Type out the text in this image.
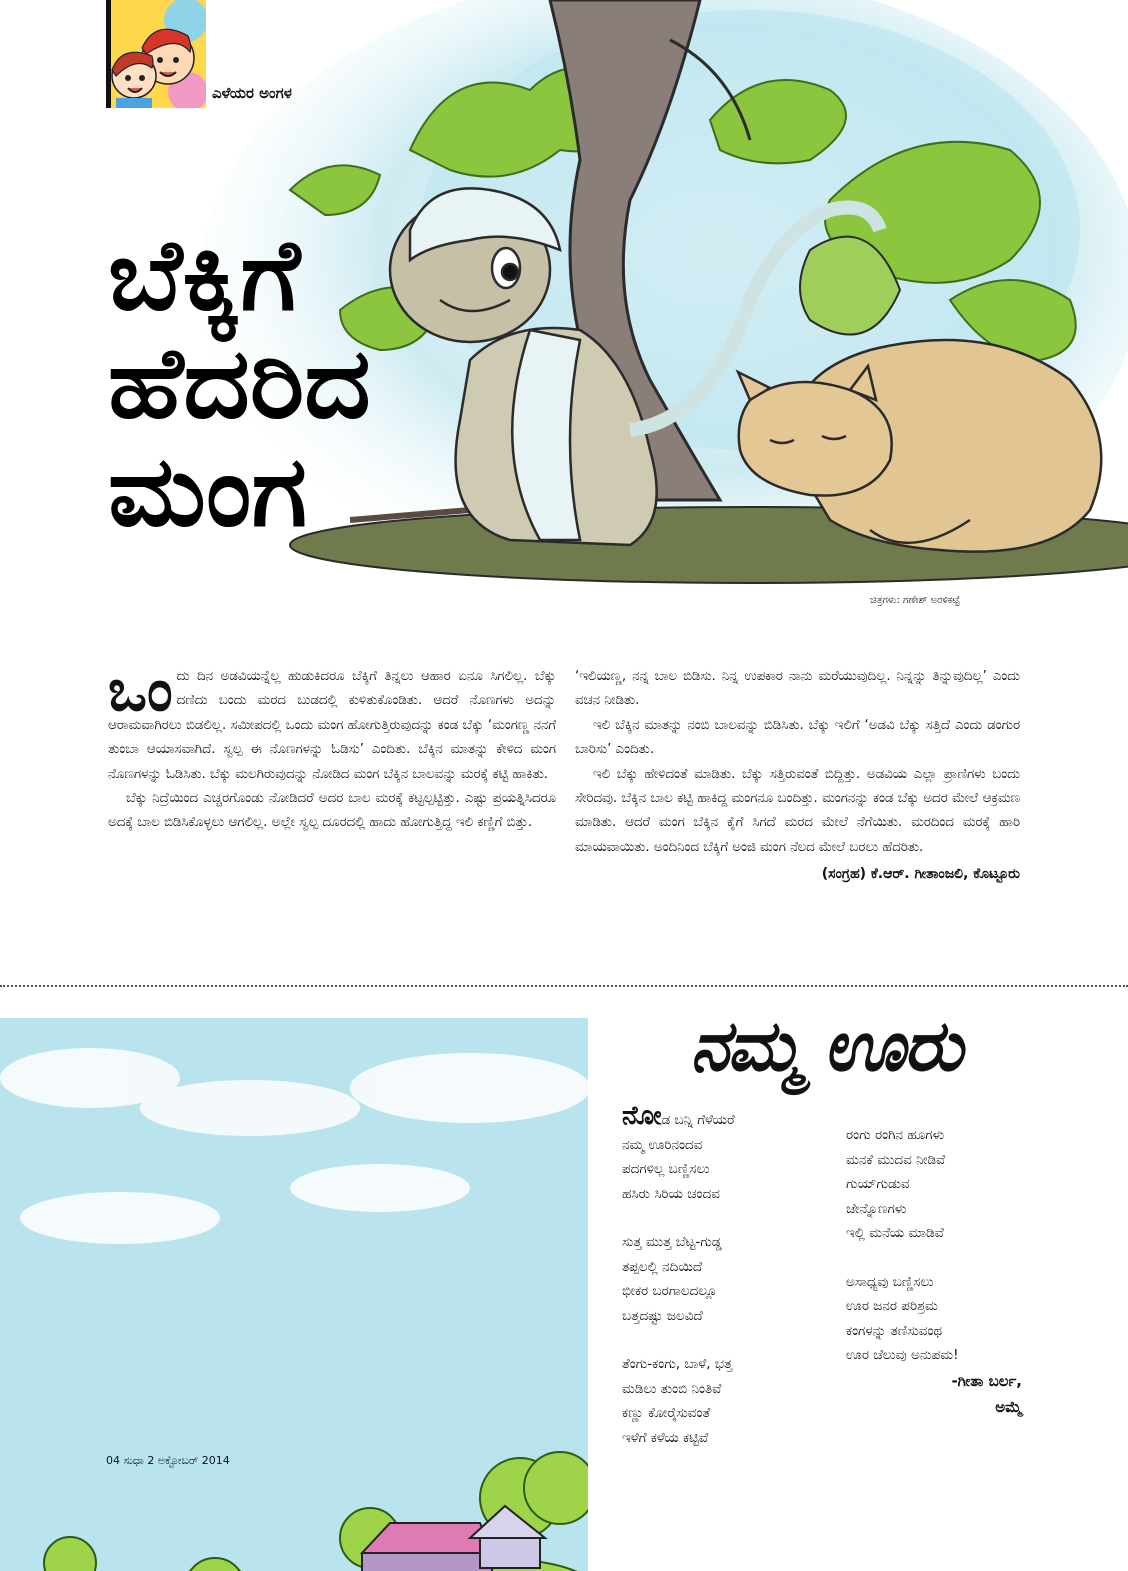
ಎಳೆಯರ ಅಂಗಳ
ಬೆಕ್ಕಿಗೆ
ಹೆದರಿದ
ಮಂಗ
ಚಿತ್ರಗಳು: ಗಣೇಶ್ ಅರಳಿಕಟ್ಟೆ

ಒಂದು ದಿನ ಅಡವಿಯನ್ನೆಲ್ಲ ಹುಡುಕಿದರೂ ಬೆಕ್ಕಿಗೆ ತಿನ್ನಲು ಆಹಾರ ಏನೂ ಸಿಗಲಿಲ್ಲ. ಬೆಕ್ಕು ದಣಿದು ಬಂದು ಮರದ ಬುಡದಲ್ಲಿ ಕುಳಿತುಕೊಂಡಿತು. ಆದರೆ ನೊಣಗಳು ಅದನ್ನು ಆರಾಮವಾಗಿರಲು ಬಿಡಲಿಲ್ಲ. ಸಮೀಪದಲ್ಲಿ ಒಂದು ಮಂಗ ಹೋಗುತ್ತಿರುವುದನ್ನು ಕಂಡ ಬೆಕ್ಕು ‘ಮಂಗಣ್ಣ ನನಗೆ ತುಂಬಾ ಆಯಾಸವಾಗಿದೆ. ಸ್ವಲ್ಪ ಈ ನೊಣಗಳನ್ನು ಓಡಿಸು’ ಎಂದಿತು. ಬೆಕ್ಕಿನ ಮಾತನ್ನು ಕೇಳಿದ ಮಂಗ ನೊಣಗಳನ್ನು ಓಡಿಸಿತು. ಬೆಕ್ಕು ಮಲಗಿರುವುದನ್ನು ನೋಡಿದ ಮಂಗ ಬೆಕ್ಕಿನ ಬಾಲವನ್ನು ಮರಕ್ಕೆ ಕಟ್ಟಿ ಹಾಕಿತು.

ಬೆಕ್ಕು ನಿದ್ರೆಯಿಂದ ಎಚ್ಚರಗೊಂಡು ನೋಡಿದರೆ ಅದರ ಬಾಲ ಮರಕ್ಕೆ ಕಟ್ಟಲ್ಪಟ್ಟಿತ್ತು. ಎಷ್ಟು ಪ್ರಯತ್ನಿಸಿದರೂ ಅದಕ್ಕೆ ಬಾಲ ಬಿಡಿಸಿಕೊಳ್ಳಲು ಆಗಲಿಲ್ಲ. ಅಲ್ಲೇ ಸ್ವಲ್ಪ ದೂರದಲ್ಲಿ ಹಾದು ಹೋಗುತ್ತಿದ್ದ ಇಲಿ ಕಣ್ಣಿಗೆ ಬಿತ್ತು.

‘ಇಲಿಯಣ್ಣ, ನನ್ನ ಬಾಲ ಬಿಡಿಸು. ನಿನ್ನ ಉಪಕಾರ ನಾನು ಮರೆಯುವುದಿಲ್ಲ. ನಿನ್ನನ್ನು ತಿನ್ನುವುದಿಲ್ಲ’ ಎಂದು ವಚನ ನೀಡಿತು.

ಇಲಿ ಬೆಕ್ಕಿನ ಮಾತನ್ನು ನಂಬಿ ಬಾಲವನ್ನು ಬಿಡಿಸಿತು. ಬೆಕ್ಕು ಇಲಿಗೆ ‘ಅಡವಿ ಬೆಕ್ಕು ಸತ್ತಿದೆ ಎಂದು ಡಂಗುರ ಬಾರಿಸು’ ಎಂದಿತು.

ಇಲಿ ಬೆಕ್ಕು ಹೇಳಿದಂತೆ ಮಾಡಿತು. ಬೆಕ್ಕು ಸತ್ತಿರುವಂತೆ ಬಿದ್ದಿತ್ತು. ಅಡವಿಯ ಎಲ್ಲಾ ಪ್ರಾಣಿಗಳು ಬಂದು ಸೇರಿದವು. ಬೆಕ್ಕಿನ ಬಾಲ ಕಟ್ಟಿ ಹಾಕಿದ್ದ ಮಂಗನೂ ಬಂದಿತ್ತು. ಮಂಗನನ್ನು ಕಂಡ ಬೆಕ್ಕು ಅದರ ಮೇಲೆ ಆಕ್ರಮಣ ಮಾಡಿತು. ಆದರೆ ಮಂಗ ಬೆಕ್ಕಿನ ಕೈಗೆ ಸಿಗದೆ ಮರದ ಮೇಲೆ ನೆಗೆಯಿತು. ಮರದಿಂದ ಮರಕ್ಕೆ ಹಾರಿ ಮಾಯವಾಯಿತು. ಅಂದಿನಿಂದ ಬೆಕ್ಕಿಗೆ ಅಂಜಿ ಮಂಗ ನೆಲದ ಮೇಲೆ ಬರಲು ಹೆದರಿತು.

(ಸಂಗ್ರಹ) ಕೆ.ಆರ್. ಗೀತಾಂಜಲಿ, ಕೊಟ್ಟೂರು
04 ಸುಧಾ 2 ಅಕ್ಟೋಬರ್ 2014
ನಮ್ಮ ಊರು
ನೋಡ ಬನ್ನಿ ಗೆಳೆಯರೆ
ನಮ್ಮ ಊರಿನಂದವ
ಪದಗಳಿಲ್ಲ ಬಣ್ಣಿಸಲು
ಹಸಿರು ಸಿರಿಯ ಚಂದವ
ಸುತ್ತ ಮುತ್ತ ಬೆಟ್ಟ-ಗುಡ್ಡ
ತಪ್ಪಲಲ್ಲಿ ನದಿಯಿದೆ
ಭೀಕರ ಬರಗಾಲದಲ್ಲೂ
ಬತ್ತದಷ್ಟು ಜಲವಿದೆ
ತೆಂಗು-ಕಂಗು, ಬಾಳೆ, ಭತ್ತ
ಮಡಿಲು ತುಂಬಿ ನಿಂತಿವೆ
ಕಣ್ಣು ಕೋರೈಸುವಂತೆ
ಇಳೆಗೆ ಕಳೆಯ ಕಟ್ಟಿವೆ
ರಂಗು ರಂಗಿನ ಹೂಗಳು
ಮನಕೆ ಮುದವ ನೀಡಿವೆ
ಗುಯ್‌ಗುಡುವ
ಜೇನ್ನೊಣಗಳು
ಇಲ್ಲಿ ಮನೆಯ ಮಾಡಿವೆ
ಅಸಾಧ್ಯವು ಬಣ್ಣಿಸಲು
ಊರ ಜನರ ಪರಿಶ್ರಮ
ಕಂಗಳನ್ನು ತಣಿಸುವಂಥ
ಊರ ಚೆಲುವು ಅನುಪಮ!
-ಗೀತಾ ಬರ್ಲ,
ಅಮ್ಮೆ
